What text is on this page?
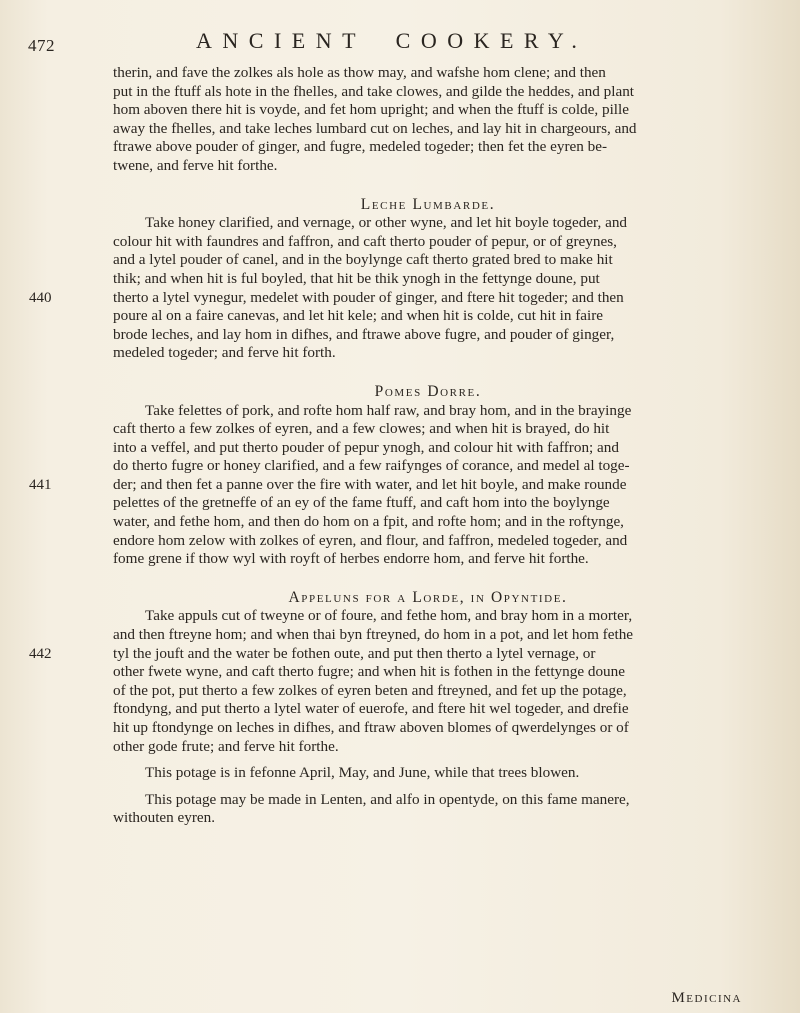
472	ANCIENT COOKERY.
therin, and fave the zolkes als hole as thow may, and wafshe hom clene; and then
put in the ftuff als hote in the fhelles, and take clowes, and gilde the heddes, and plant
hom aboven there hit is voyde, and fet hom upright; and when the ftuff is colde, pille
away the fhelles, and take leches lumbard cut on leches, and lay hit in chargeours, and
ftrawe above pouder of ginger, and fugre, medeled togeder; then fet the eyren be-
twene, and ferve hit forthe.

Leche Lumbarde.

Take honey clarified, and vernage, or other wyne, and let hit boyle togeder, and
colour hit with faundres and faffron, and caft therto pouder of pepur, or of greynes,
and a lytel pouder of canel, and in the boylynge caft therto grated bred to make hit
thik; and when hit is ful boyled, that hit be thik ynogh in the fettynge doune, put
440	therto a lytel vynegur, medelet with pouder of ginger, and ftere hit togeder; and then
poure al on a faire canevas, and let hit kele; and when hit is colde, cut hit in faire
brode leches, and lay hom in difhes, and ftrawe above fugre, and pouder of ginger,
medeled togeder; and ferve hit forth.

Pomes Dorre.

Take felettes of pork, and rofte hom half raw, and bray hom, and in the brayinge
caft therto a few zolkes of eyren, and a few clowes; and when hit is brayed, do hit
into a veffel, and put therto pouder of pepur ynogh, and colour hit with faffron; and
do therto fugre or honey clarified, and a few raifynges of corance, and medel al toge-
441	der; and then fet a panne over the fire with water, and let hit boyle, and make rounde
pelettes of the gretneffe of an ey of the fame ftuff, and caft hom into the boylynge
water, and fethe hom, and then do hom on a fpit, and rofte hom; and in the roftynge,
endore hom zelow with zolkes of eyren, and flour, and faffron, medeled togeder, and
fome grene if thow wyl with royft of herbes endorre hom, and ferve hit forthe.

Appeluns for a Lorde, in Opyntide.

Take appuls cut of tweyne or of foure, and fethe hom, and bray hom in a morter,
and then ftreyne hom; and when thai byn ftreyned, do hom in a pot, and let hom fethe
442	tyl the jouft and the water be fothen oute, and put then therto a lytel vernage, or
other fwete wyne, and caft therto fugre; and when hit is fothen in the fettynge doune
of the pot, put therto a few zolkes of eyren beten and ftreyned, and fet up the potage,
ftondyng, and put therto a lytel water of euerofe, and ftere hit wel togeder, and drefie
hit up ftondynge on leches in difhes, and ftraw aboven blomes of qwerdelynges or of
other gode frute; and ferve hit forthe.
This potage is in fefonne April, May, and June, while that trees blowen.
This potage may be made in Lenten, and alfo in opentyde, on this fame manere,
withouten eyren.
Medicina
